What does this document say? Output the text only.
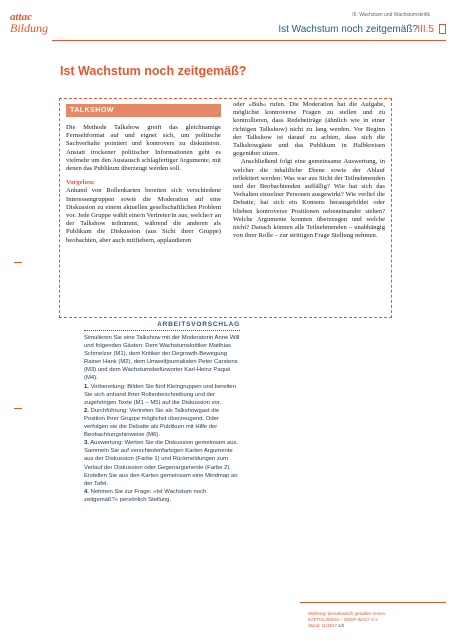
attac
Bildung
III. Wachstum und Wachstumskritik
Ist Wachstum noch zeitgemäß? III.5
Ist Wachstum noch zeitgemäß?
TALKSHOW

Die Methode Talkshow greift das gleichnamige Fernsehformat auf und eignet sich, um politische Sachverhalte pointiert und kontrovers zu diskutieren. Anstatt trockener politischer Informationen geht es vielmehr um den Austausch schlagfertiger Argumente, mit denen das Publikum überzeugt werden soll.

Vorgehen:

Anhand von Rollenkarten bereiten sich verschiedene Interessengruppen sowie die Moderation auf eine Diskussion zu einem aktuellen gesellschaftlichen Problem vor. Jede Gruppe wählt eine/n Vertreter/in aus, welche/r an der Talkshow teilnimmt, während die anderen als Publikum die Diskussion (aus Sicht ihrer Gruppe) beobachten, aber auch mitfiebern, applaudieren

oder »Buh« rufen. Die Moderation hat die Aufgabe, möglichst kontroverse Fragen zu stellen und zu kontrollieren, dass Redebeiträge (ähnlich wie in einer richtigen Talkshow) nicht zu lang werden. Vor Beginn der Talkshow ist darauf zu achten, dass sich die Talkshowgäste und das Publikum in Halbkreisen gegenüber sitzen.

Anschließend folgt eine gemeinsame Auswertung, in welcher die inhaltliche Ebene sowie der Ablauf reflektiert werden: Was war aus Sicht der Teilnehmenden und der Beobachtenden auffällig? Wie hat sich das Verhalten einzelner Personen ausgewirkt? Wie verlief die Debatte, hat sich ein Konsens herausgebildet oder blieben kontroverse Positionen nebeneinander stehen? Welche Argumente konnten überzeugen und welche nicht? Danach können alle Teilnehmenden – unabhängig von ihrer Rolle – zur strittigen Frage Stellung nehmen.

ARBEITSVORSCHLAG

Simulieren Sie eine Talkshow mit der Moderatorin Anne Will und folgenden Gästen: Dem Wachstumskritiker Matthias Schmelzer (M1), dem Kritiker der Degrowth-Bewegung Rainer Hank (M2), dem Umweltjournalisten Peter Carstens (M3) und dem Wachstumsbefürworter Karl-Heinz Paqué (M4).

1. Vorbereitung: Bilden Sie fünf Kleingruppen und bereiten Sie sich anhand Ihrer Rollenbeschreibung und der zugehörigen Texte (M1 – M5) auf die Diskussion vor.

2. Durchführung: Vertreten Sie als Talkshowgast die Position Ihrer Gruppe möglichst überzeugend. Oder verfolgen sie die Debatte als Publikum mit Hilfe der Beobachtungshinweise (M6).

3. Auswertung: Werten Sie die Diskussion gemeinsam aus. Sammeln Sie auf verschiedenfarbigen Karten Argumente aus der Diskussion (Farbe 1) und Rückmeldungen zum Verlauf der Diskussion oder Gegenargumente (Farbe 2). Erstellen Sie aus den Karten gemeinsam eine Mindmap an der Tafel.

4. Nehmen Sie zur Frage: »Ist Wachstum noch zeitgemäß?« persönlich Stellung.

Wellsteig! demokratisch gestalten lernen
KAPITALISMUS – ODER WAS? III.5
Stand: 11/2017 1/5
